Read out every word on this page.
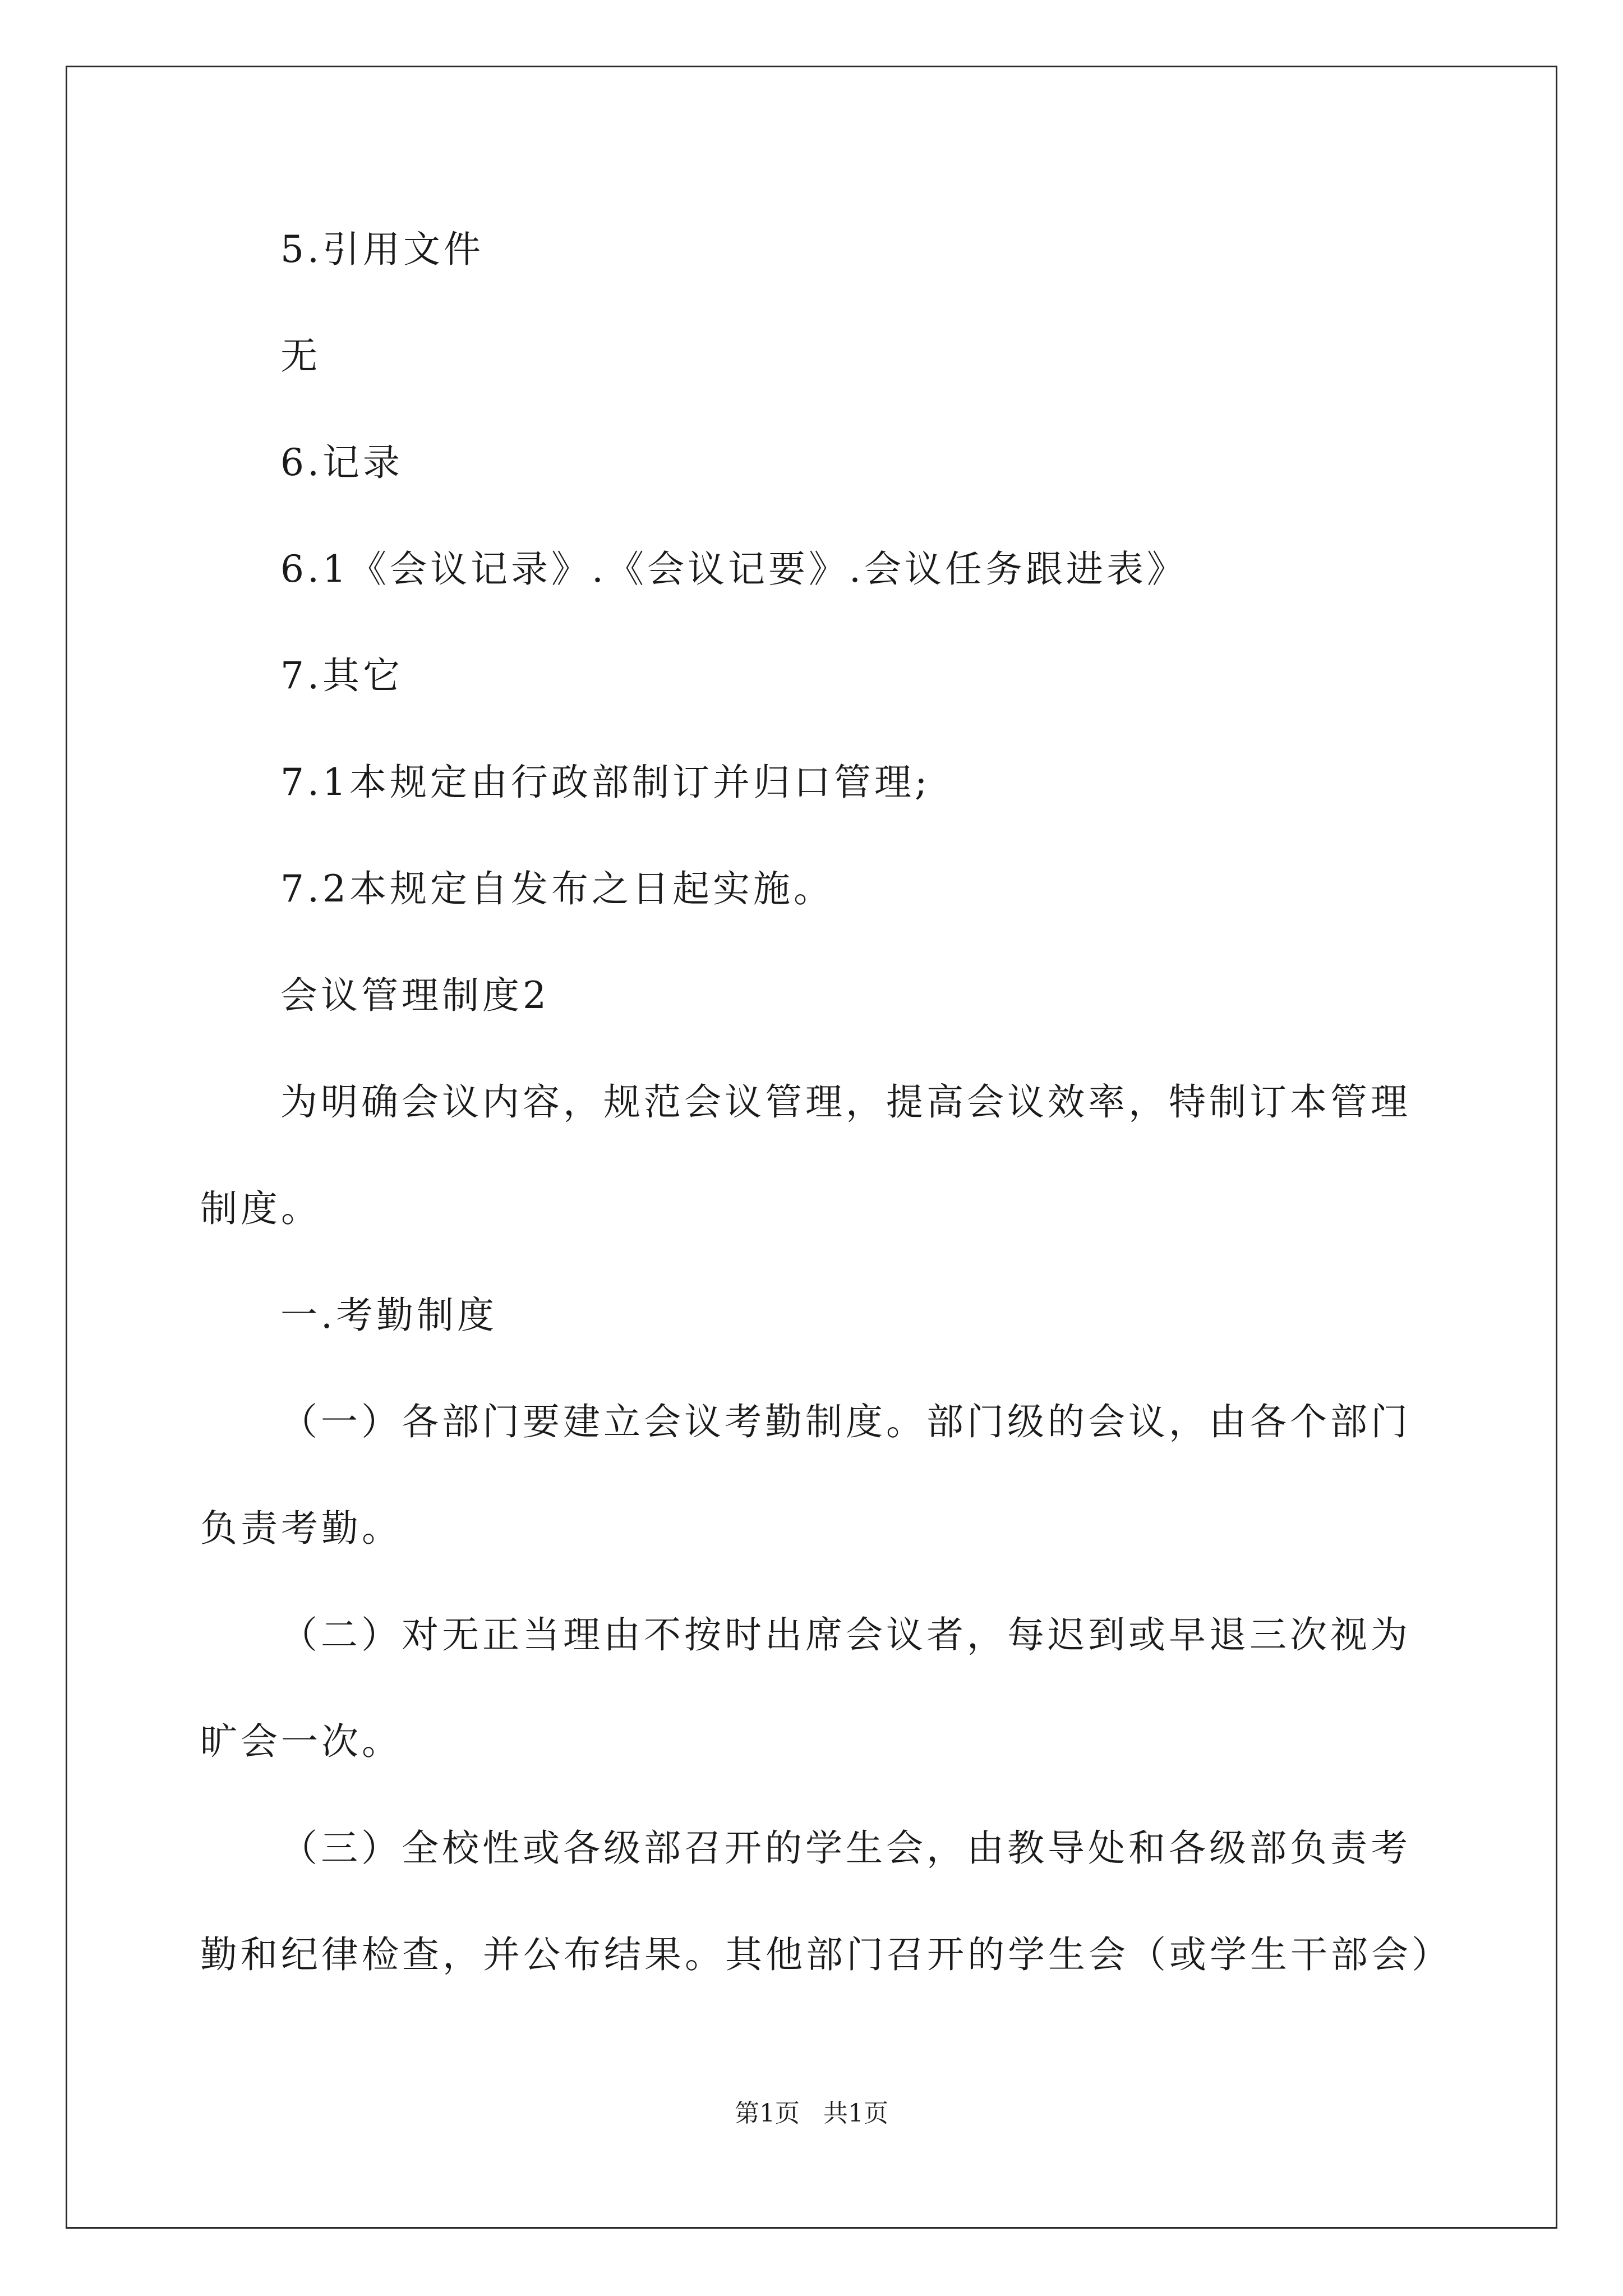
5.引用文件
无
6.记录
6.1《会议记录》.《会议记要》.会议任务跟进表》
7.其它
7.1本规定由行政部制订并归口管理;
7.2本规定自发布之日起实施。
会议管理制度2
为明确会议内容，规范会议管理，提高会议效率，特制订本管理
制度。
一.考勤制度
（一）各部门要建立会议考勤制度。部门级的会议，由各个部门
负责考勤。
（二）对无正当理由不按时出席会议者，每迟到或早退三次视为
旷会一次。
（三）全校性或各级部召开的学生会，由教导处和各级部负责考
勤和纪律检查，并公布结果。其他部门召开的学生会（或学生干部会）
第1页   共1页
